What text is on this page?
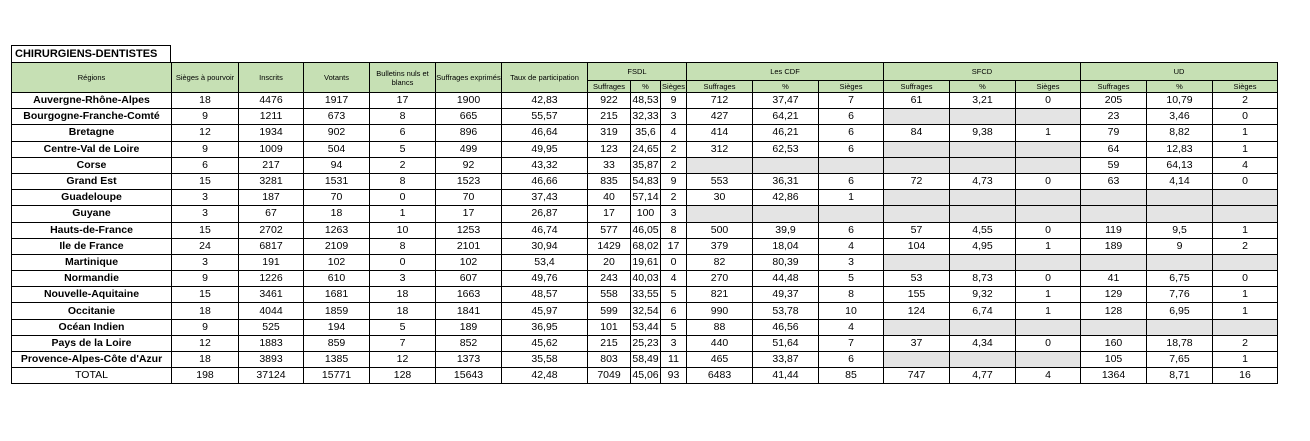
CHIRURGIENS-DENTISTES
Régions	Sièges à pourvoir	Inscrits	Votants	Bulletins nuls et blancs	Suffrages exprimés	Taux de participation	FSDL			Les CDF			SFCD			UD		
							Suffrages	%	Sièges	Suffrages	%	Sièges	Suffrages	%	Sièges	Suffrages	%	Sièges
Auvergne-Rhône-Alpes	18	4476	1917	17	1900	42,83	922	48,53	9	712	37,47	7	61	3,21	0	205	10,79	2
Bourgogne-Franche-Comté	9	1211	673	8	665	55,57	215	32,33	3	427	64,21	6				23	3,46	0
Bretagne	12	1934	902	6	896	46,64	319	35,6	4	414	46,21	6	84	9,38	1	79	8,82	1
Centre-Val de Loire	9	1009	504	5	499	49,95	123	24,65	2	312	62,53	6				64	12,83	1
Corse	6	217	94	2	92	43,32	33	35,87	2							59	64,13	4
Grand Est	15	3281	1531	8	1523	46,66	835	54,83	9	553	36,31	6	72	4,73	0	63	4,14	0
Guadeloupe	3	187	70	0	70	37,43	40	57,14	2	30	42,86	1						
Guyane	3	67	18	1	17	26,87	17	100	3									
Hauts-de-France	15	2702	1263	10	1253	46,74	577	46,05	8	500	39,9	6	57	4,55	0	119	9,5	1
Ile de France	24	6817	2109	8	2101	30,94	1429	68,02	17	379	18,04	4	104	4,95	1	189	9	2
Martinique	3	191	102	0	102	53,4	20	19,61	0	82	80,39	3						
Normandie	9	1226	610	3	607	49,76	243	40,03	4	270	44,48	5	53	8,73	0	41	6,75	0
Nouvelle-Aquitaine	15	3461	1681	18	1663	48,57	558	33,55	5	821	49,37	8	155	9,32	1	129	7,76	1
Occitanie	18	4044	1859	18	1841	45,97	599	32,54	6	990	53,78	10	124	6,74	1	128	6,95	1
Océan Indien	9	525	194	5	189	36,95	101	53,44	5	88	46,56	4						
Pays de la Loire	12	1883	859	7	852	45,62	215	25,23	3	440	51,64	7	37	4,34	0	160	18,78	2
Provence-Alpes-Côte d'Azur	18	3893	1385	12	1373	35,58	803	58,49	11	465	33,87	6				105	7,65	1
TOTAL	198	37124	15771	128	15643	42,48	7049	45,06	93	6483	41,44	85	747	4,77	4	1364	8,71	16
